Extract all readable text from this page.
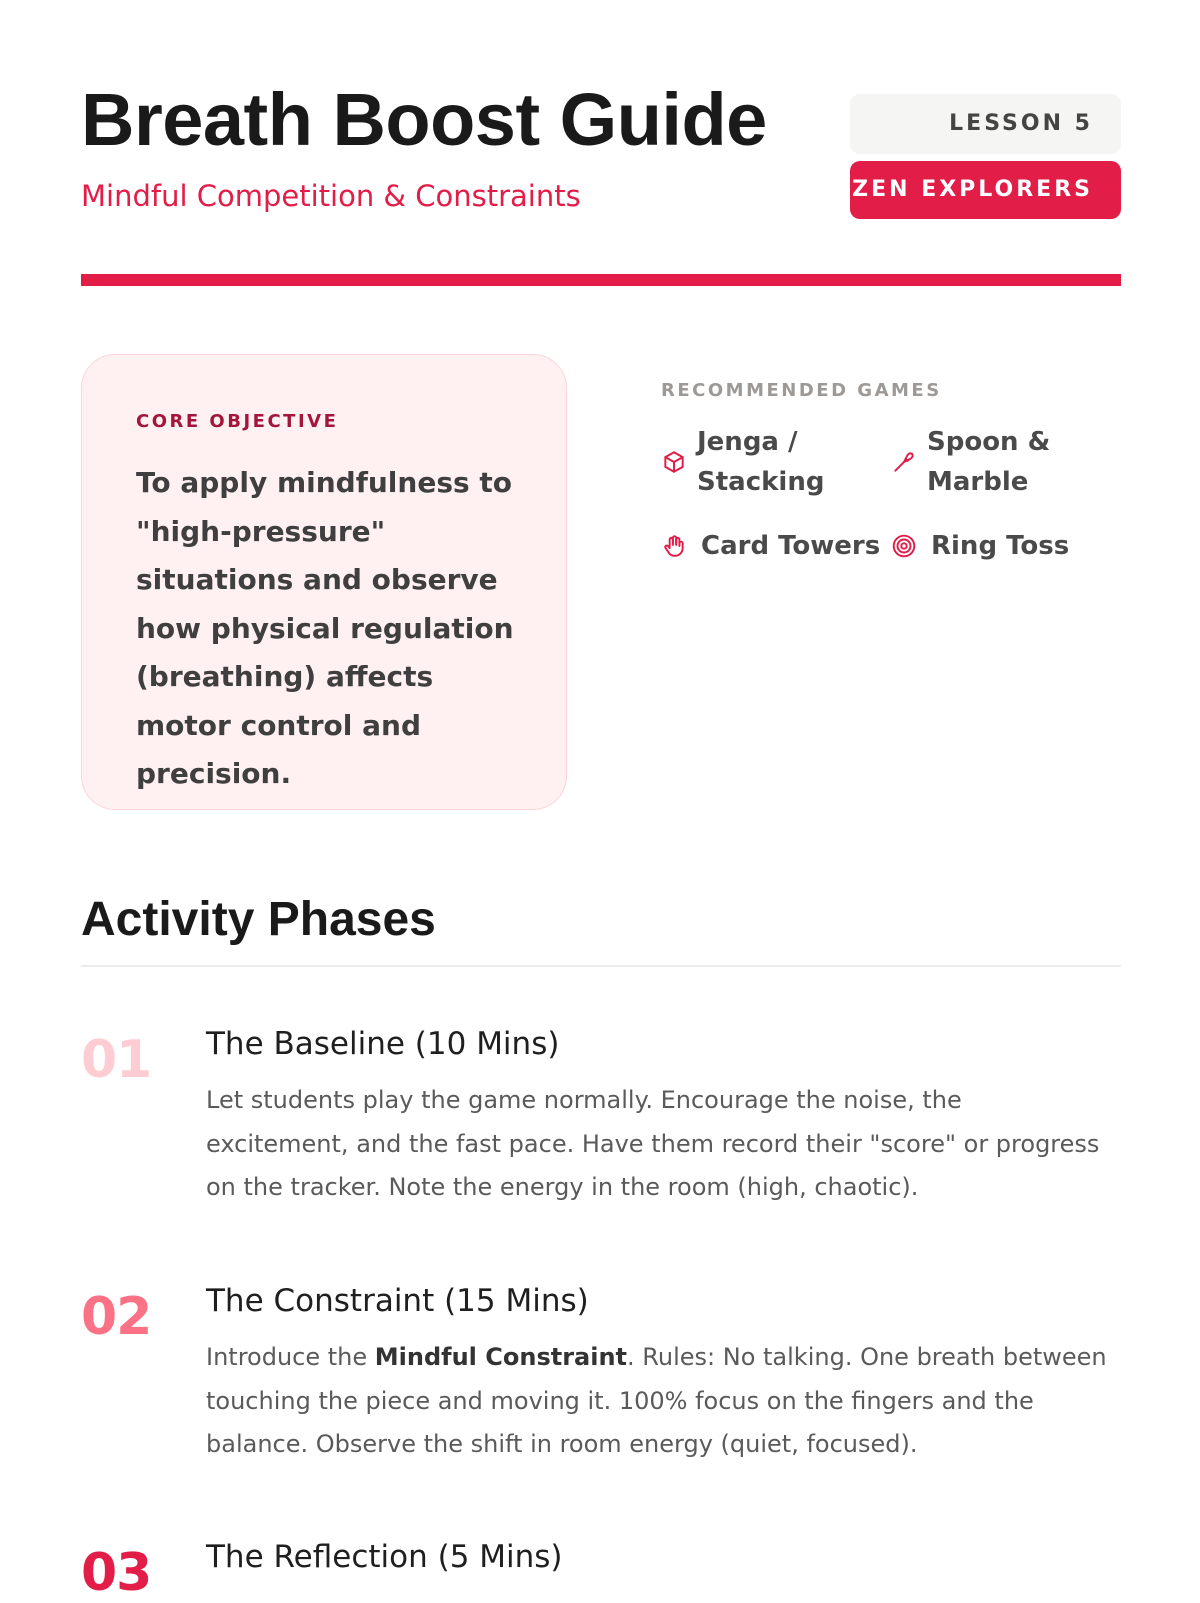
Breath Boost Guide
Mindful Competition & Constraints
LESSON 5
ZEN EXPLORERS
CORE OBJECTIVE
To apply mindfulness to "high-pressure" situations and observe how physical regulation (breathing) affects motor control and precision.
RECOMMENDED GAMES
Jenga / Stacking
Spoon & Marble
Card Towers Ring Toss
Activity Phases
01 The Baseline (10 Mins)
Let students play the game normally. Encourage the noise, the excitement, and the fast pace. Have them record their "score" or progress on the tracker. Note the energy in the room (high, chaotic).
02 The Constraint (15 Mins)
Introduce the Mindful Constraint. Rules: No talking. One breath between touching the piece and moving it. 100% focus on the fingers and the balance. Observe the shift in room energy (quiet, focused).
03 The Reflection (5 Mins)
